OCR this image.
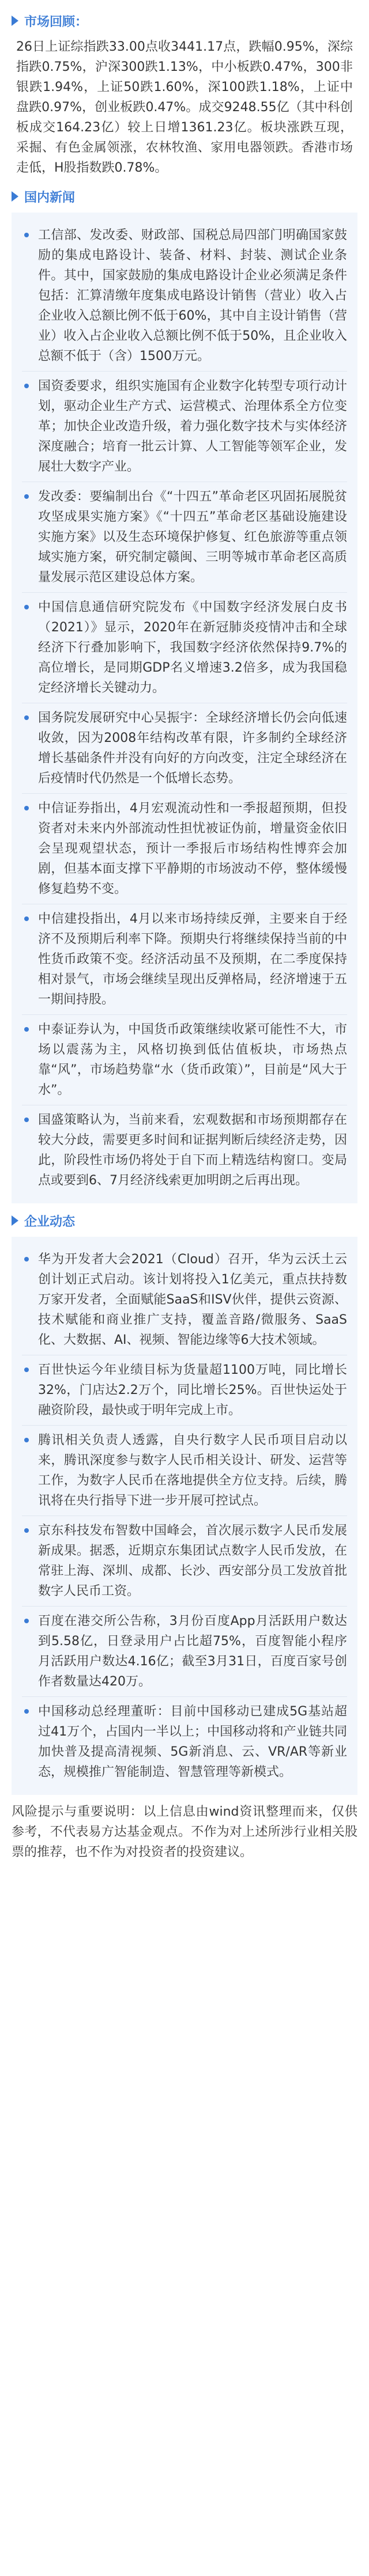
市场回顾：

26日上证综指跌33.00点收3441.17点，跌幅0.95%，深综指跌0.75%，沪深300跌1.13%，中小板跌0.47%，300非银跌1.94%，上证50跌1.60%，深100跌1.18%，上证中盘跌0.97%，创业板跌0.47%。成交9248.55亿（其中科创板成交164.23亿）较上日增1361.23亿。板块涨跌互现，采掘、有色金属领涨，农林牧渔、家用电器领跌。香港市场走低，H股指数跌0.78%。

国内新闻
工信部、发改委、财政部、国税总局四部门明确国家鼓励的集成电路设计、装备、材料、封装、测试企业条件。其中，国家鼓励的集成电路设计企业必须满足条件包括：汇算清缴年度集成电路设计销售（营业）收入占企业收入总额比例不低于60%，其中自主设计销售（营业）收入占企业收入总额比例不低于50%，且企业收入总额不低于（含）1500万元。
国资委要求，组织实施国有企业数字化转型专项行动计划，驱动企业生产方式、运营模式、治理体系全方位变革；加快企业改造升级，着力强化数字技术与实体经济深度融合；培育一批云计算、人工智能等领军企业，发展壮大数字产业。
发改委：要编制出台《“十四五”革命老区巩固拓展脱贫攻坚成果实施方案》《“十四五”革命老区基础设施建设实施方案》以及生态环境保护修复、红色旅游等重点领域实施方案，研究制定赣闽、三明等城市革命老区高质量发展示范区建设总体方案。
中国信息通信研究院发布《中国数字经济发展白皮书（2021）》显示，2020年在新冠肺炎疫情冲击和全球经济下行叠加影响下，我国数字经济依然保持9.7%的高位增长，是同期GDP名义增速3.2倍多，成为我国稳定经济增长关键动力。
国务院发展研究中心吴振宇：全球经济增长仍会向低速收敛，因为2008年结构改革有限，许多制约全球经济增长基础条件并没有向好的方向改变，注定全球经济在后疫情时代仍然是一个低增长态势。
中信证券指出，4月宏观流动性和一季报超预期，但投资者对未来内外部流动性担忧被证伪前，增量资金依旧会呈现观望状态，预计一季报后市场结构性博弈会加剧，但基本面支撑下平静期的市场波动不停，整体缓慢修复趋势不变。
中信建投指出，4月以来市场持续反弹，主要来自于经济不及预期后利率下降。预期央行将继续保持当前的中性货币政策不变。经济活动虽不及预期，在二季度保持相对景气，市场会继续呈现出反弹格局，经济增速于五一期间持股。
中泰证券认为，中国货币政策继续收紧可能性不大，市场以震荡为主，风格切换到低估值板块，市场热点靠“风”，市场趋势靠“水（货币政策）”，目前是“风大于水”。
国盛策略认为，当前来看，宏观数据和市场预期都存在较大分歧，需要更多时间和证据判断后续经济走势，因此，阶段性市场仍将处于自下而上精选结构窗口。变局点或要到6、7月经济线索更加明朗之后再出现。
企业动态
华为开发者大会2021（Cloud）召开，华为云沃土云创计划正式启动。该计划将投入1亿美元，重点扶持数万家开发者，全面赋能SaaS和ISV伙伴，提供云资源、技术赋能和商业推广支持，覆盖音路/微服务、SaaS化、大数据、AI、视频、智能边缘等6大技术领域。
百世快运今年业绩目标为货量超1100万吨，同比增长32%，门店达2.2万个，同比增长25%。百世快运处于融资阶段，最快或于明年完成上市。
腾讯相关负责人透露，自央行数字人民币项目启动以来，腾讯深度参与数字人民币相关设计、研发、运营等工作，为数字人民币在落地提供全方位支持。后续，腾讯将在央行指导下进一步开展可控试点。
京东科技发布智数中国峰会，首次展示数字人民币发展新成果。据悉，近期京东集团试点数字人民币发放，在常驻上海、深圳、成都、长沙、西安部分员工发放首批数字人民币工资。
百度在港交所公告称，3月份百度App月活跃用户数达到5.58亿，日登录用户占比超75%，百度智能小程序月活跃用户数达4.16亿；截至3月31日，百度百家号创作者数量达420万。
中国移动总经理董昕：目前中国移动已建成5G基站超过41万个，占国内一半以上；中国移动将和产业链共同加快普及提高清视频、5G新消息、云、VR/AR等新业态，规模推广智能制造、智慧管理等新模式。

风险提示与重要说明：以上信息由wind资讯整理而来，仅供参考，不代表易方达基金观点。不作为对上述所涉行业相关股票的推荐，也不作为对投资者的投资建议。
